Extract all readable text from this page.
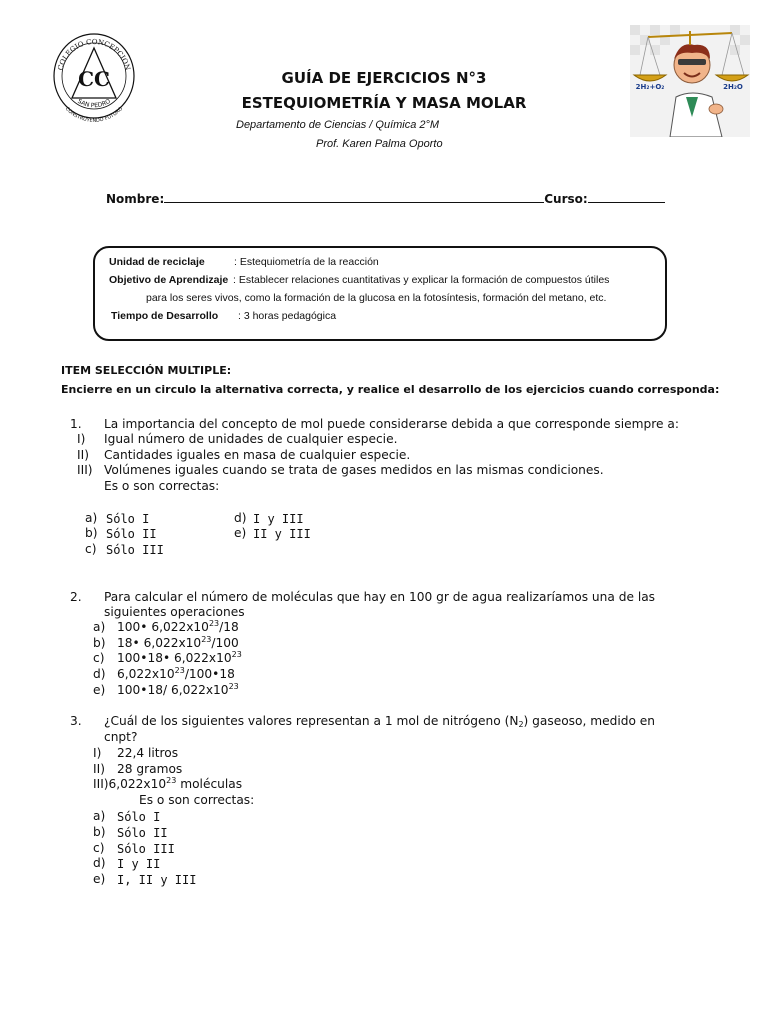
COLEGIO CONCEPCION
SAN PEDRO
CONSTRUYENDO FUTURO
CC	GUÍA DE EJERCICIOS N°3
ESTEQUIOMETRÍA Y MASA MOLAR
Departamento de Ciencias / Química 2°M
Prof. Karen Palma Oporto
2H₂+O₂	2H₂O
Nombre:	Curso:
Unidad de reciclaje	: Estequiometría de la reacción
Objetivo de Aprendizaje : Establecer relaciones cuantitativas y explicar la formación de compuestos útiles
para los seres vivos, como la formación de la glucosa en la fotosíntesis, formación del metano, etc.
Tiempo de Desarrollo : 3 horas pedagógica
ITEM SELECCIÓN MULTIPLE:
Encierre en un circulo la alternativa correcta, y realice el desarrollo de los ejercicios cuando corresponda:
1. La importancia del concepto de mol puede considerarse debida a que corresponde siempre a:
I) Igual número de unidades de cualquier especie.
II) Cantidades iguales en masa de cualquier especie.
III) Volúmenes iguales cuando se trata de gases medidos en las mismas condiciones.
Es o son correctas:
a) Sólo I
b) Sólo II
c) Sólo III
d) I y III
e) II y III
2. Para calcular el número de moléculas que hay en 100 gr de agua realizaríamos una de las
siguientes operaciones
a) 100• $6,022x10^{23}/18$
b) 18• $6,022x10^{23}/100$
c) 100•18• $6,022x10^{23}$
d) $6,022x10^{23}/100•18$
e) 100•18/ $6,022x10^{23}$
3. ¿Cuál de los siguientes valores representan a 1 mol de nitrógeno $(N_2)$ gaseoso, medido en
cnpt?
I) 22,4 litros
II) 28 gramos
$III)6,022x10^{23}$ moléculas
Es o son correctas:
a) Sólo I
b) Sólo II
c) Sólo III
d) I y II
e) I, II y III
